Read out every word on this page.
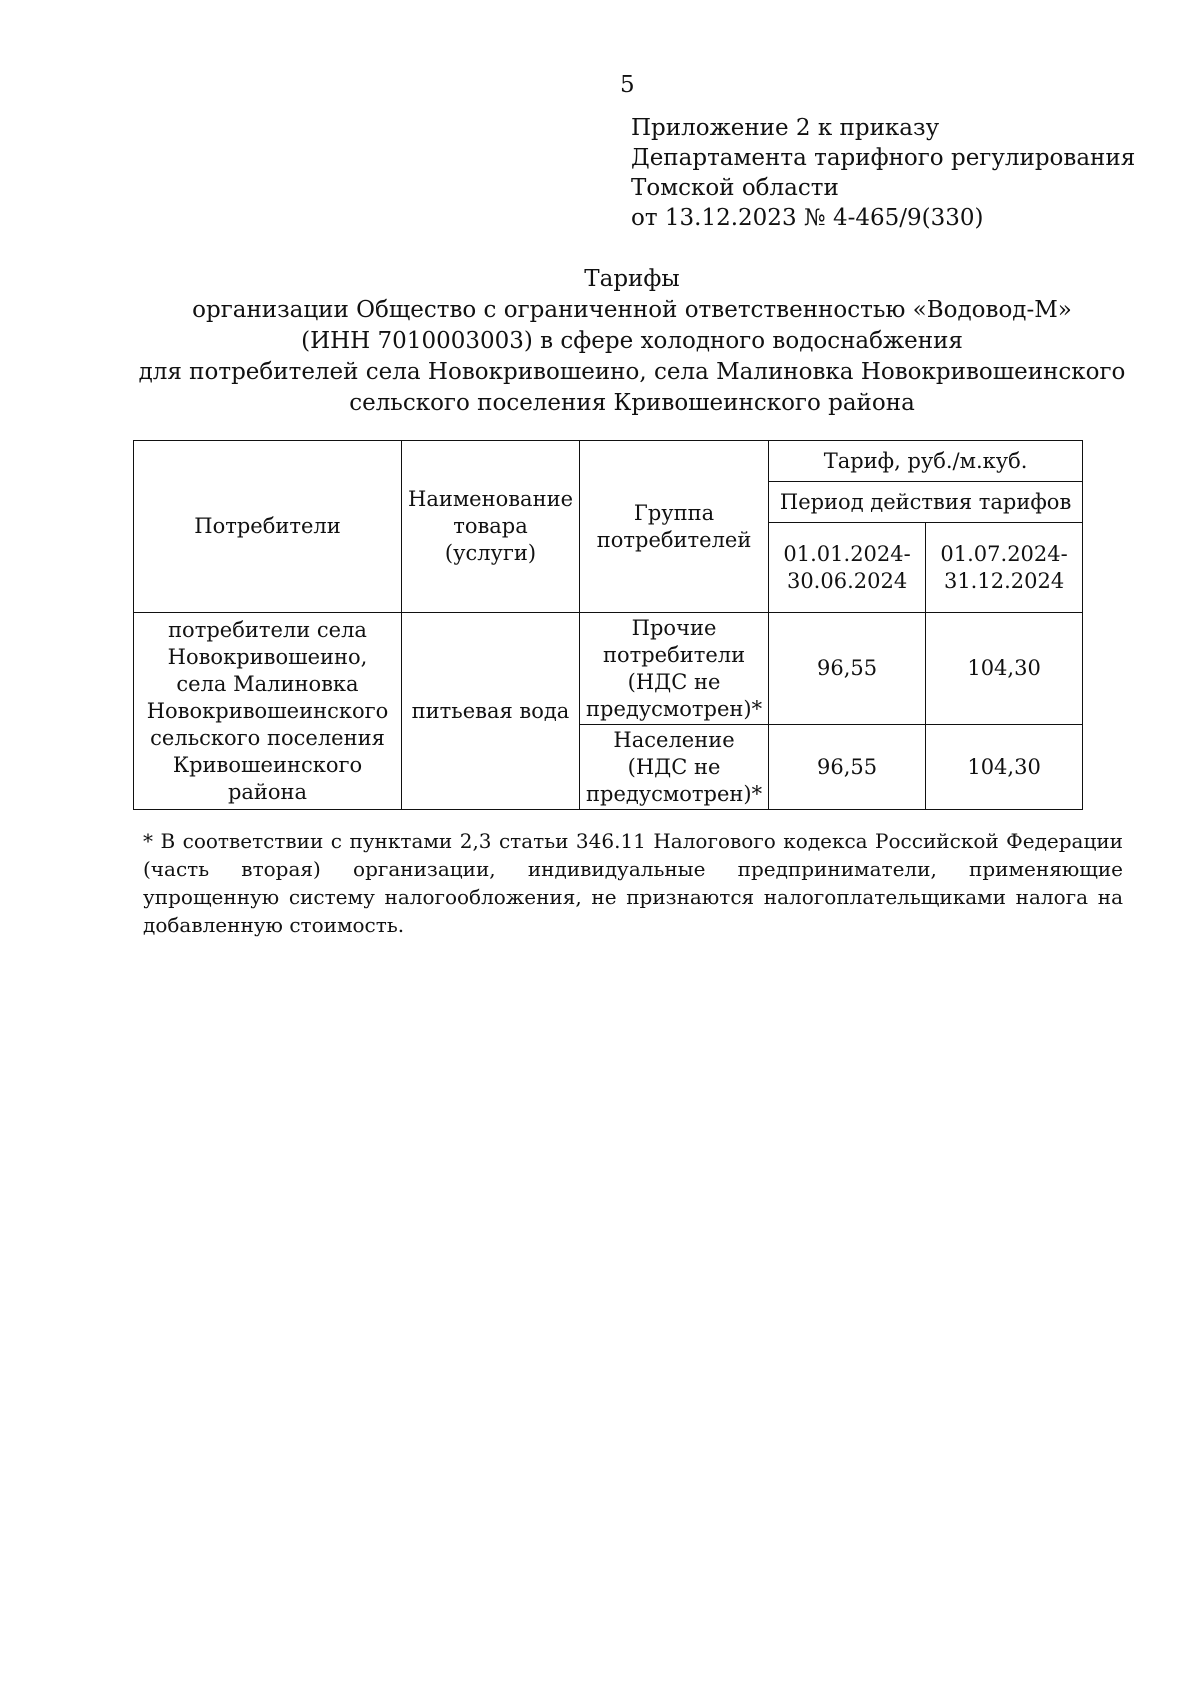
5
Приложение 2 к приказу
Департамента тарифного регулирования
Томской области
от 13.12.2023 № 4-465/9(330)
Тарифы
организации Общество с ограниченной ответственностью «Водовод-М»
(ИНН 7010003003) в сфере холодного водоснабжения
для потребителей села Новокривошеино, села Малиновка Новокривошеинского
сельского поселения Кривошеинского района
Потребители	Наименование товара (услуги)	Группа потребителей	Тариф, руб./м.куб.	
			Период действия тарифов	
			01.01.2024-30.06.2024	01.07.2024-31.12.2024
потребители села Новокривошеино, села Малиновка Новокривошеинского сельского поселения Кривошеинского района	питьевая вода	Прочие потребители (НДС не предусмотрен)*	96,55	104,30
		Население (НДС не предусмотрен)*	96,55	104,30
* В соответствии с пунктами 2,3 статьи 346.11 Налогового кодекса Российской Федерации (часть вторая) организации, индивидуальные предприниматели, применяющие упрощенную систему налогообложения, не признаются налогоплательщиками налога на добавленную стоимость.
